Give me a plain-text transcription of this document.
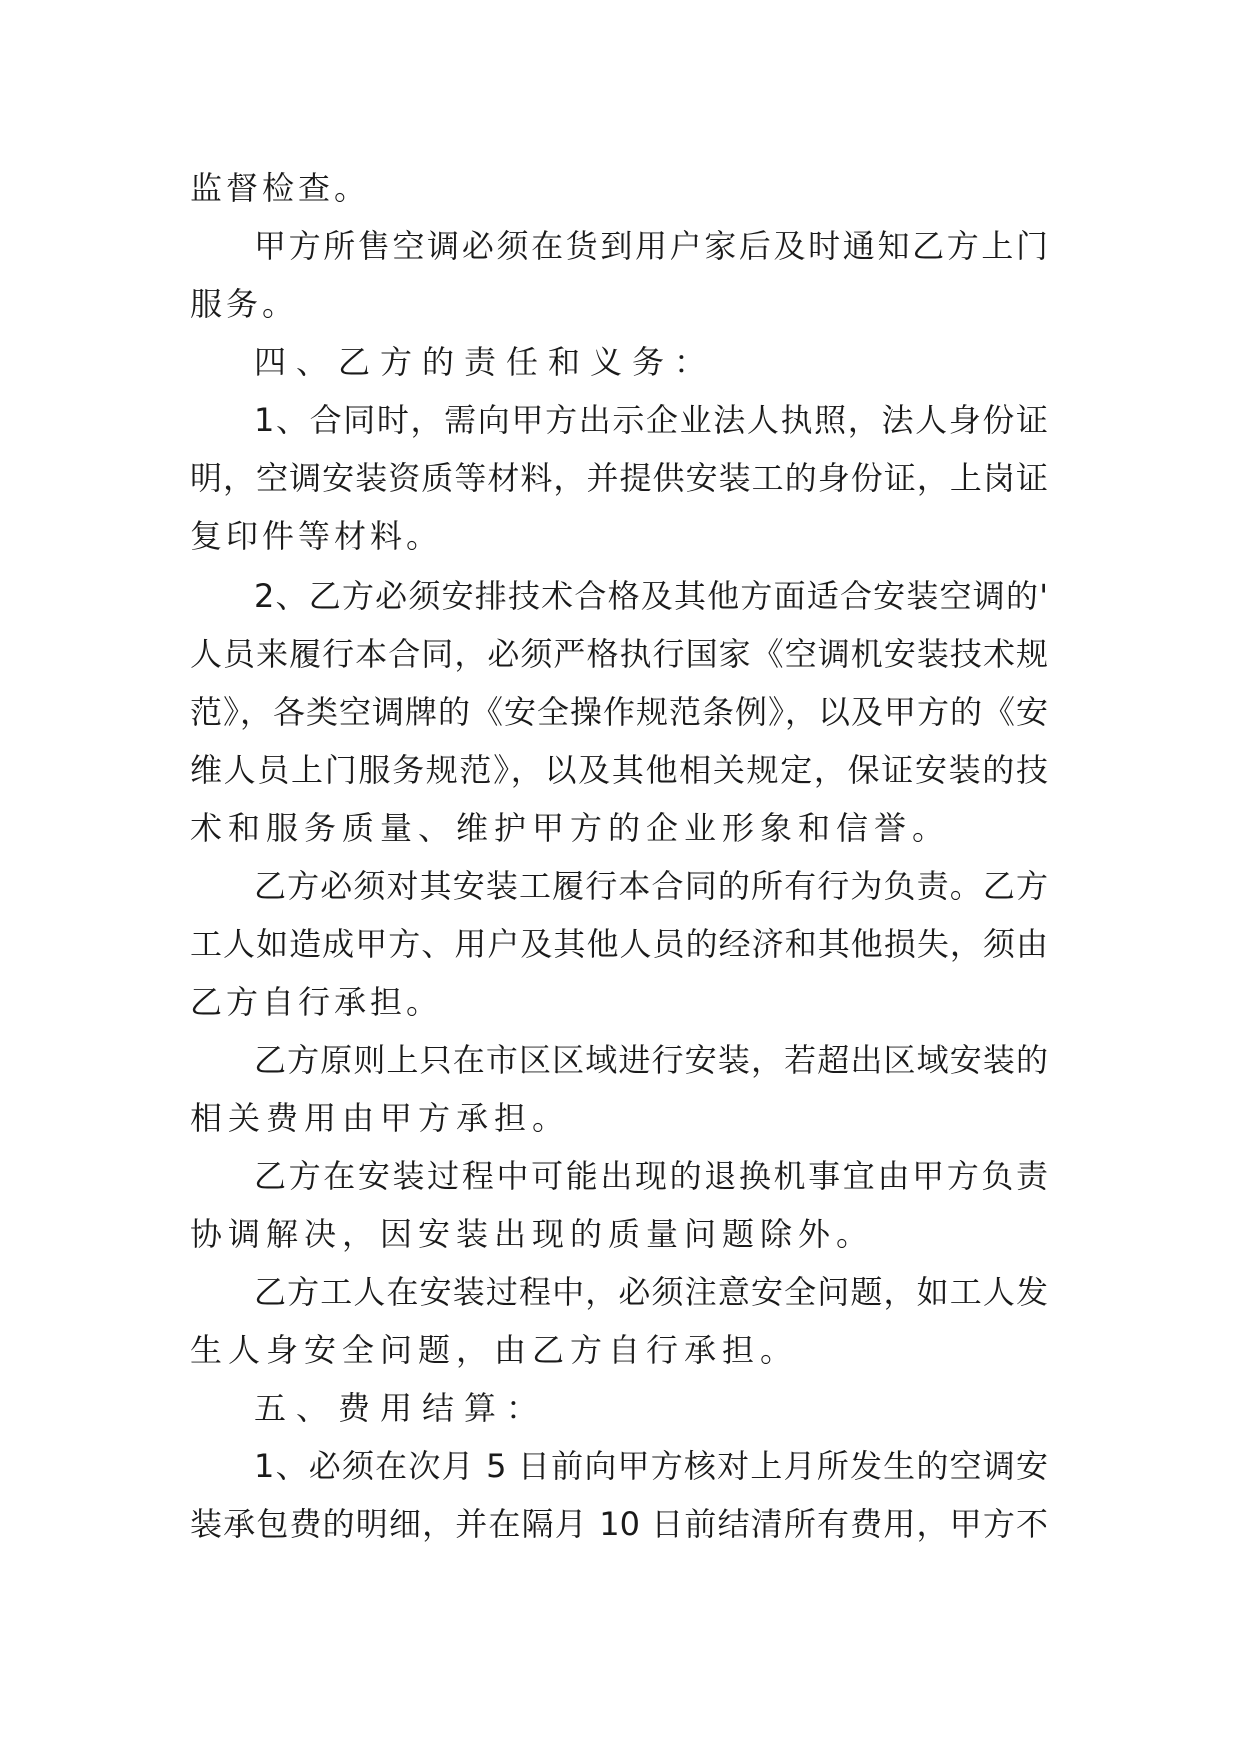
监督检查。
甲方所售空调必须在货到用户家后及时通知乙方上门
服务。
四、乙方的责任和义务：
1、合同时，需向甲方出示企业法人执照，法人身份证
明，空调安装资质等材料，并提供安装工的身份证，上岗证
复印件等材料。
2、乙方必须安排技术合格及其他方面适合安装空调的'
人员来履行本合同，必须严格执行国家《空调机安装技术规
范》，各类空调牌的《安全操作规范条例》，以及甲方的《安
维人员上门服务规范》，以及其他相关规定，保证安装的技
术和服务质量、维护甲方的企业形象和信誉。
乙方必须对其安装工履行本合同的所有行为负责。乙方
工人如造成甲方、用户及其他人员的经济和其他损失，须由
乙方自行承担。
乙方原则上只在市区区域进行安装，若超出区域安装的
相关费用由甲方承担。
乙方在安装过程中可能出现的退换机事宜由甲方负责
协调解决，因安装出现的质量问题除外。
乙方工人在安装过程中，必须注意安全问题，如工人发
生人身安全问题，由乙方自行承担。
五、费用结算：
1、必须在次月 5 日前向甲方核对上月所发生的空调安
装承包费的明细，并在隔月 10 日前结清所有费用，甲方不
